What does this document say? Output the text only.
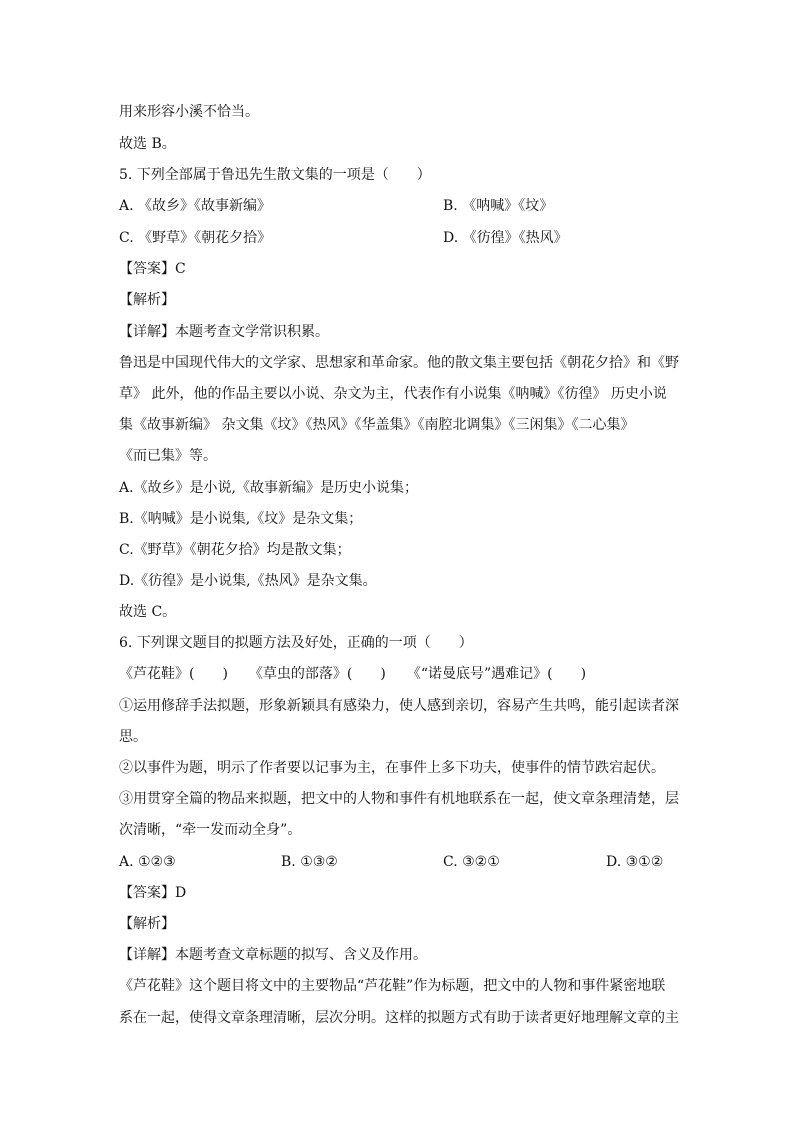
用来形容小溪不恰当。
故选 B。
5. 下列全部属于鲁迅先生散文集的一项是（　　）
A. 《故乡》《故事新编》	B. 《呐喊》《坟》
C. 《野草》《朝花夕拾》	D. 《彷徨》《热风》
【答案】C
【解析】
【详解】本题考查文学常识积累。
鲁迅是中国现代伟大的文学家、思想家和革命家。他的散文集主要包括《朝花夕拾》和《野
草》 此外，他的作品主要以小说、杂文为主，代表作有小说集《呐喊》《彷徨》 历史小说
集《故事新编》 杂文集《坟》《热风》《华盖集》《南腔北调集》《三闲集》《二心集》
《而已集》等。
A.《故乡》是小说,《故事新编》是历史小说集；
B.《呐喊》是小说集,《坟》是杂文集；
C.《野草》《朝花夕拾》均是散文集；
D.《彷徨》是小说集,《热风》是杂文集。
故选 C。
6. 下列课文题目的拟题方法及好处，正确的一项（　　）
《芦花鞋》(　　)　　《草虫的部落》(　　)　　《“诺曼底号”遇难记》(　　)
①运用修辞手法拟题，形象新颖具有感染力，使人感到亲切，容易产生共鸣，能引起读者深
思。
②以事件为题，明示了作者要以记事为主，在事件上多下功夫，使事件的情节跌宕起伏。
③用贯穿全篇的物品来拟题，把文中的人物和事件有机地联系在一起，使文章条理清楚，层
次清晰，“牵一发而动全身”。
A. ①②③	B. ①③②	C. ③②①	D. ③①②
【答案】D
【解析】
【详解】本题考查文章标题的拟写、含义及作用。
《芦花鞋》这个题目将文中的主要物品“芦花鞋”作为标题，把文中的人物和事件紧密地联
系在一起，使得文章条理清晰，层次分明。这样的拟题方式有助于读者更好地理解文章的主
